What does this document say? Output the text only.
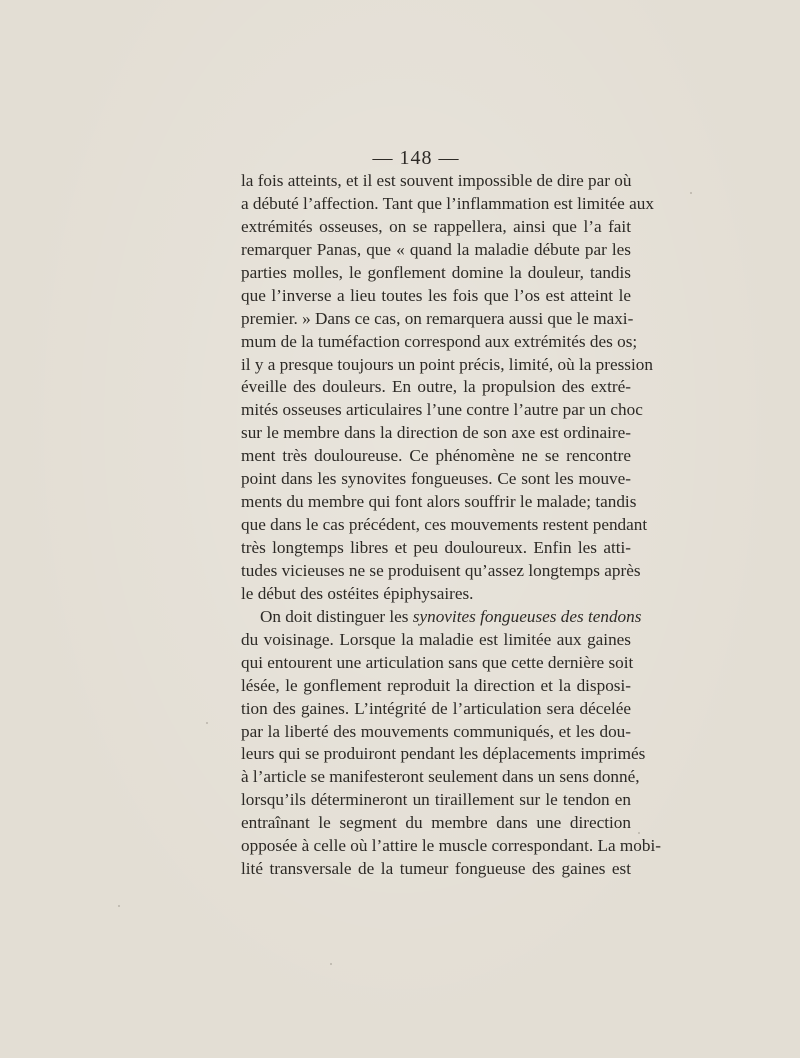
— 148 —
la fois atteints, et il est souvent impossible de dire par où
a débuté l’affection. Tant que l’inflammation est limitée aux
extrémités osseuses, on se rappellera, ainsi que l’a fait
remarquer Panas, que « quand la maladie débute par les
parties molles, le gonflement domine la douleur, tandis
que l’inverse a lieu toutes les fois que l’os est atteint le
premier. » Dans ce cas, on remarquera aussi que le maxi-
mum de la tuméfaction correspond aux extrémités des os;
il y a presque toujours un point précis, limité, où la pression
éveille des douleurs. En outre, la propulsion des extré-
mités osseuses articulaires l’une contre l’autre par un choc
sur le membre dans la direction de son axe est ordinaire-
ment très douloureuse. Ce phénomène ne se rencontre
point dans les synovites fongueuses. Ce sont les mouve-
ments du membre qui font alors souffrir le malade; tandis
que dans le cas précédent, ces mouvements restent pendant
très longtemps libres et peu douloureux. Enfin les atti-
tudes vicieuses ne se produisent qu’assez longtemps après
le début des ostéites épiphysaires.
On doit distinguer les synovites fongueuses des tendons
du voisinage. Lorsque la maladie est limitée aux gaines
qui entourent une articulation sans que cette dernière soit
lésée, le gonflement reproduit la direction et la disposi-
tion des gaines. L’intégrité de l’articulation sera décelée
par la liberté des mouvements communiqués, et les dou-
leurs qui se produiront pendant les déplacements imprimés
à l’article se manifesteront seulement dans un sens donné,
lorsqu’ils détermineront un tiraillement sur le tendon en
entraînant le segment du membre dans une direction
opposée à celle où l’attire le muscle correspondant. La mobi-
lité transversale de la tumeur fongueuse des gaines est
